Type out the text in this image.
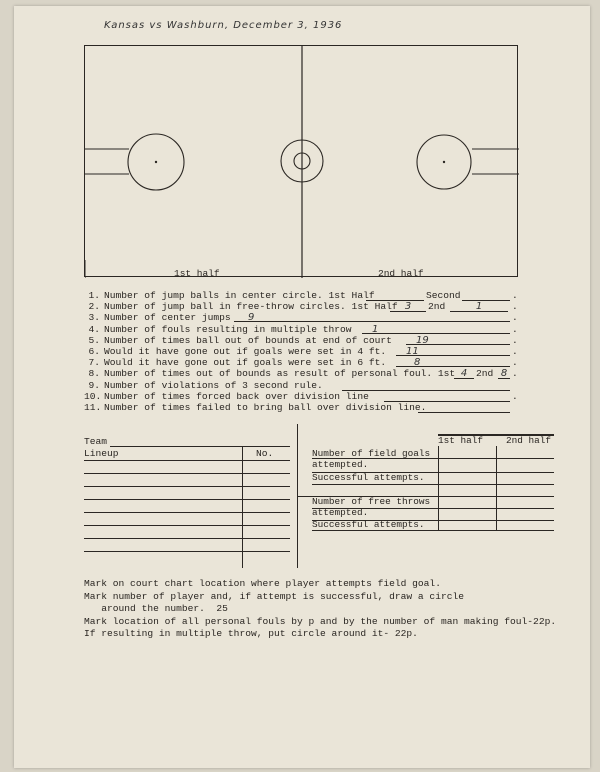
Kansas vs Washburn, December 3, 1936
1st half	2nd half
1. Number of jump balls in center circle. 1st Half	Second	.
2. Number of jump ball in free-throw circles. 1st Half 3	2nd	1	.
3. Number of center jumps	9	.
4. Number of fouls resulting in multiple throw	1	.
5. Number of times ball out of bounds at end of court	19	.
6. Would it have gone out if goals were set in 4 ft.	11	.
7. Would it have gone out if goals were set in 6 ft.	8	.
8. Number of times out of bounds as result of personal foul. 1st 4 2nd 8 .
9. Number of violations of 3 second rule.
10. Number of times forced back over division line	.
11. Number of times failed to bring ball over division line.
Team
Lineup	No.
1st half 2nd half
Number of field goals
attempted.
Successful attempts.
Number of free throws
attempted.
Successful attempts.
Mark on court chart location where player attempts field goal.
Mark number of player and, if attempt is successful, draw a circle
around the number.  25
Mark location of all personal fouls by p and by the number of man making foul-22p.
If resulting in multiple throw, put circle around it- 22p.
